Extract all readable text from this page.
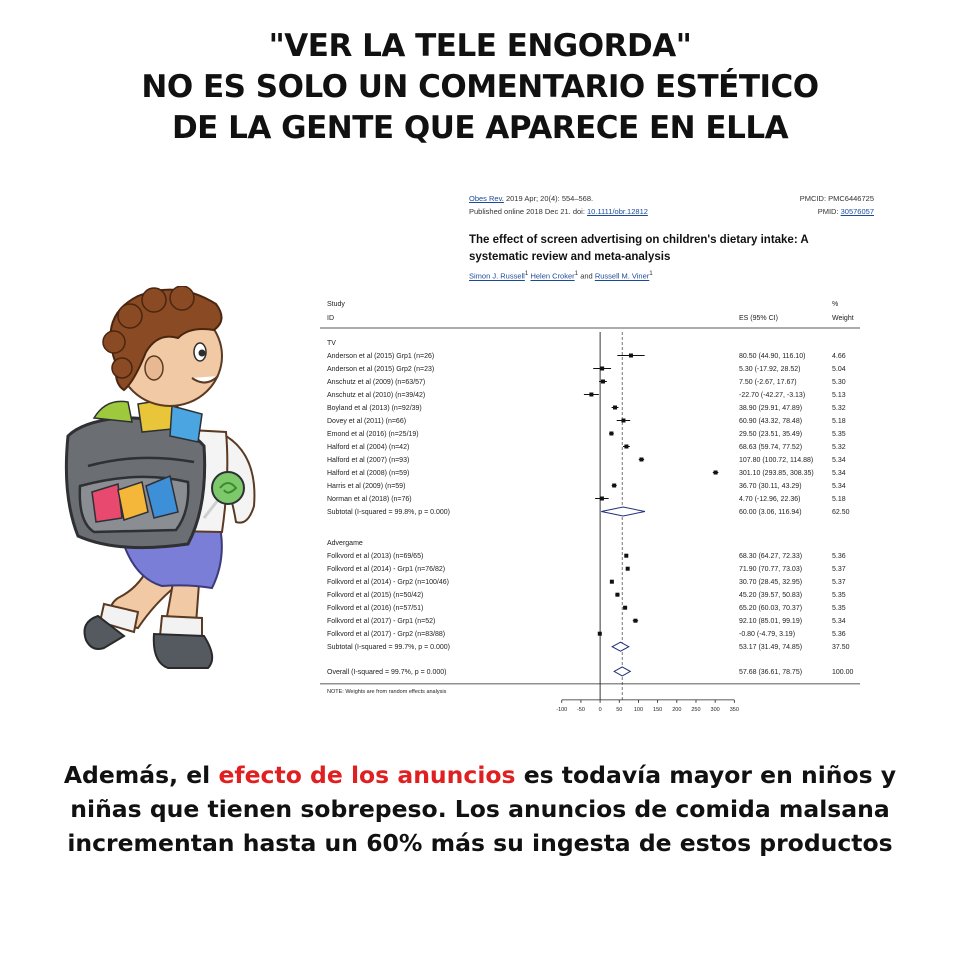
"VER LA TELE ENGORDA"
NO ES SOLO UN COMENTARIO ESTÉTICO
DE LA GENTE QUE APARECE EN ELLA
Obes Rev. 2019 Apr; 20(4): 554–568.
Published online 2018 Dec 21. doi: 10.1111/obr.12812
PMCID: PMC6446725
PMID: 30576057
The effect of screen advertising on children's dietary intake: A systematic review and meta-analysis
Simon J. Russell$^1$ Helen Croker$^1$ and Russell M. Viner$^1$
Study
ID	ES (95% CI)
%
Weight
TV
Advergame
Anderson et al (2015) Grp1 (n=26)	80.50 (44.90, 116.10)	4.66
Anderson et al (2015) Grp2 (n=23)	5.30 (-17.92, 28.52)	5.04
Anschutz et al (2009) (n=63/57)	7.50 (-2.67, 17.67)	5.30
Anschutz et al (2010) (n=39/42)	-22.70 (-42.27, -3.13)	5.13
Boyland et al (2013) (n=92/39)	38.90 (29.91, 47.89)	5.32
Dovey et al (2011) (n=66)	60.90 (43.32, 78.48)	5.18
Emond et al (2016) (n=25/19)	29.50 (23.51, 35.49)	5.35
Halford et al (2004) (n=42)	68.63 (59.74, 77.52)	5.32
Halford et al (2007) (n=93)	107.80 (100.72, 114.88)	5.34
Halford et al (2008) (n=59)	301.10 (293.85, 308.35)	5.34
Harris et al (2009) (n=59)	36.70 (30.11, 43.29)	5.34
Norman et al (2018) (n=76)	4.70 (-12.96, 22.36)	5.18
Subtotal (I-squared = 99.8%, p = 0.000)	60.00 (3.06, 116.94)	62.50
Folkvord et al (2013) (n=69/65)	68.30 (64.27, 72.33)	5.36
Folkvord et al (2014) - Grp1 (n=76/82)	71.90 (70.77, 73.03)	5.37
Folkvord et al (2014) - Grp2 (n=100/46)	30.70 (28.45, 32.95)	5.37
Folkvord et al (2015) (n=50/42)	45.20 (39.57, 50.83)	5.35
Folkvord et al (2016) (n=57/51)	65.20 (60.03, 70.37)	5.35
Folkvord et al (2017) - Grp1 (n=52)	92.10 (85.01, 99.19)	5.34
Folkvord et al (2017) - Grp2 (n=83/88)	-0.80 (-4.79, 3.19)	5.36
Subtotal (I-squared = 99.7%, p = 0.000)	53.17 (31.49, 74.85)	37.50
Overall (I-squared = 99.7%, p = 0.000)	57.68 (36.61, 78.75)	100.00
NOTE: Weights are from random effects analysis
-100 -50 0	50 100 150 200 250 300 350
Además, el efecto de los anuncios es todavía mayor en niños y
niñas que tienen sobrepeso. Los anuncios de comida malsana
incrementan hasta un 60% más su ingesta de estos productos
